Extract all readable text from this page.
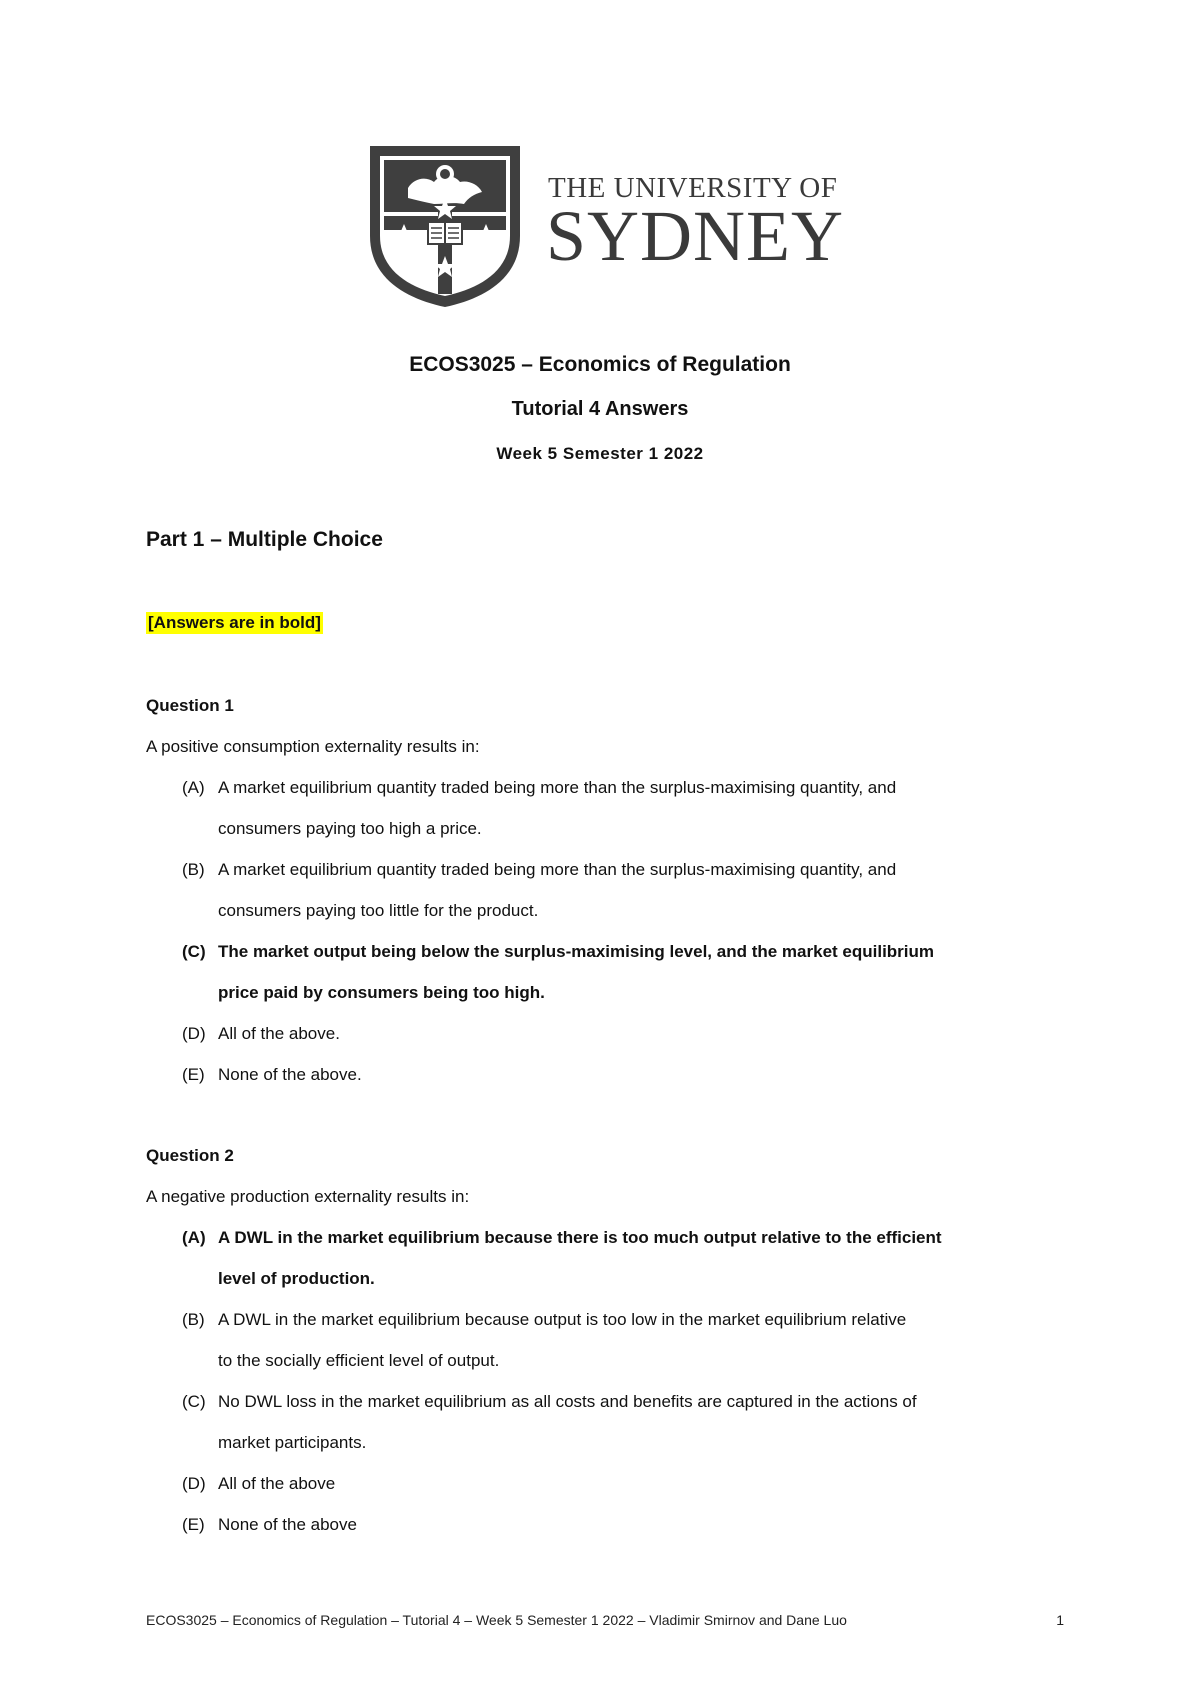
THE UNIVERSITY OF
SYDNEY
ECOS3025 – Economics of Regulation
Tutorial 4 Answers
Week 5 Semester 1 2022
Part 1 – Multiple Choice
[Answers are in bold]
Question 1
A positive consumption externality results in:
(A) A market equilibrium quantity traded being more than the surplus-maximising quantity, and
consumers paying too high a price.
(B) A market equilibrium quantity traded being more than the surplus-maximising quantity, and
consumers paying too little for the product.
(C) The market output being below the surplus-maximising level, and the market equilibrium
price paid by consumers being too high.
(D) All of the above.
(E) None of the above.
Question 2
A negative production externality results in:
(A) A DWL in the market equilibrium because there is too much output relative to the efficient
level of production.
(B) A DWL in the market equilibrium because output is too low in the market equilibrium relative
to the socially efficient level of output.
(C) No DWL loss in the market equilibrium as all costs and benefits are captured in the actions of
market participants.
(D) All of the above
(E) None of the above
ECOS3025 – Economics of Regulation – Tutorial 4 – Week 5 Semester 1 2022 – Vladimir Smirnov and Dane Luo	1
